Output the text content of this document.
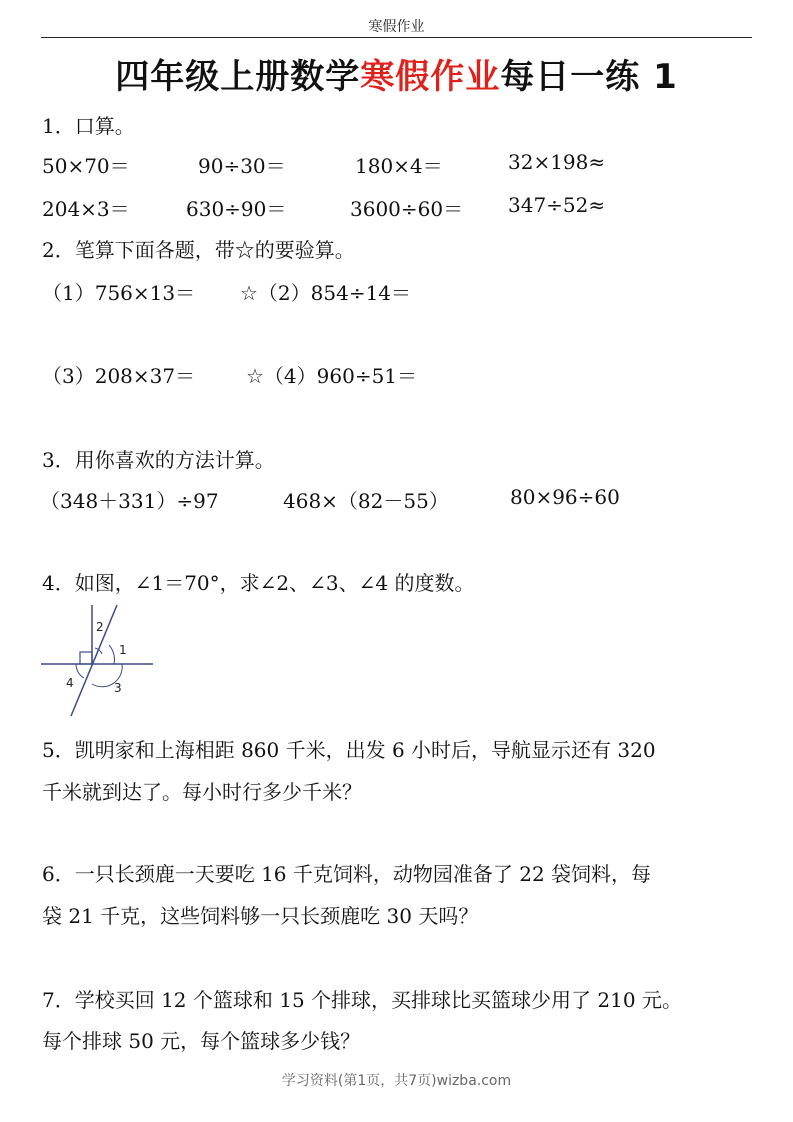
寒假作业
四年级上册数学寒假作业每日一练 1
1．口算。
50×70＝	90÷30＝	180×4＝	32×198≈
204×3＝	630÷90＝	3600÷60＝ 347÷52≈
2．笔算下面各题，带☆的要验算。
（1）756×13＝ ☆（2）854÷14＝
（3）208×37＝	☆（4）960÷51＝
3．用你喜欢的方法计算。
（348＋331）÷97	468×（82－55）	80×96÷60
4．如图，∠1＝70°，求∠2、∠3、∠4 的度数。
2
1
4	3
5．凯明家和上海相距 860 千米，出发 6 小时后，导航显示还有 320
千米就到达了。每小时行多少千米？
6．一只长颈鹿一天要吃 16 千克饲料，动物园准备了 22 袋饲料，每
袋 21 千克，这些饲料够一只长颈鹿吃 30 天吗？
7．学校买回 12 个篮球和 15 个排球，买排球比买篮球少用了 210 元。
每个排球 50 元，每个篮球多少钱？
学习资料(第1页，共7页)wizba.com
